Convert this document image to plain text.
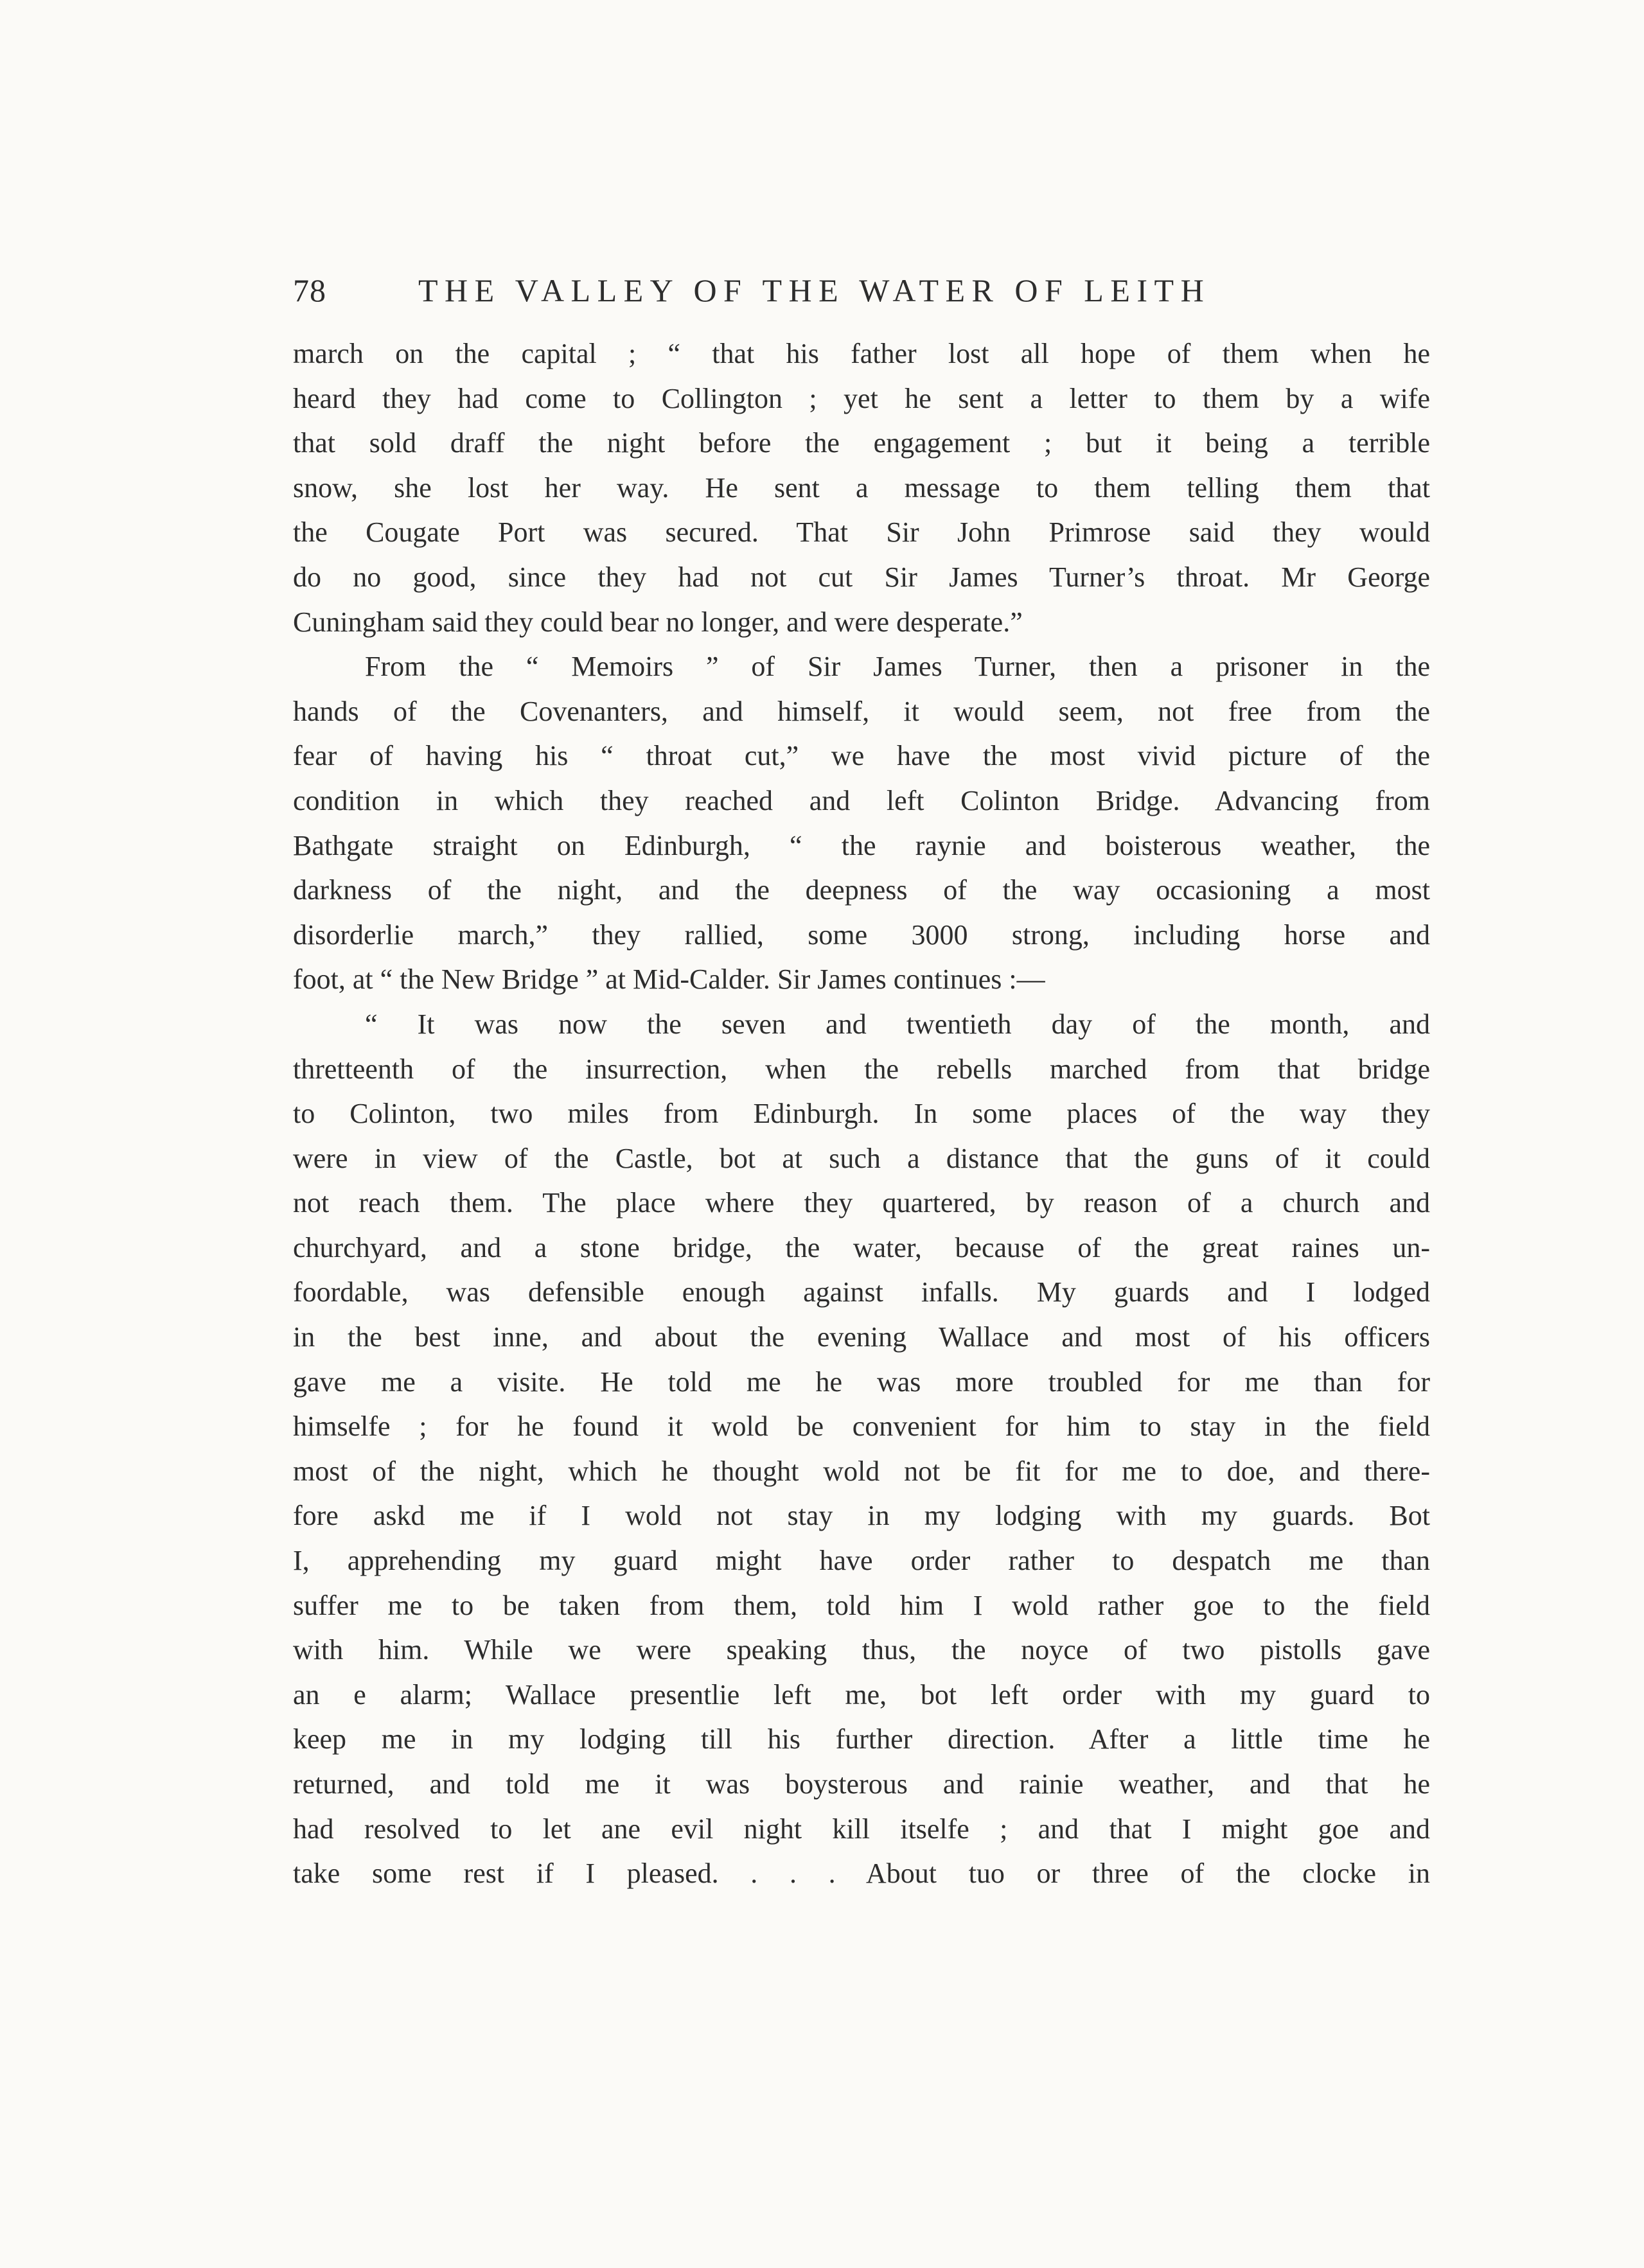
78	THE VALLEY OF THE WATER OF LEITH
march on the capital ; “ that his father lost all hope of them when he
heard they had come to Collington ; yet he sent a letter to them by a wife
that sold draff the night before the engagement ; but it being a terrible
snow, she lost her way. He sent a message to them telling them that
the Cougate Port was secured. That Sir John Primrose said they would
do no good, since they had not cut Sir James Turner’s throat. Mr George
Cuningham said they could bear no longer, and were desperate.”
From the “ Memoirs ” of Sir James Turner, then a prisoner in the
hands of the Covenanters, and himself, it would seem, not free from the
fear of having his “ throat cut,” we have the most vivid picture of the
condition in which they reached and left Colinton Bridge. Advancing from
Bathgate straight on Edinburgh, “ the raynie and boisterous weather, the
darkness of the night, and the deepness of the way occasioning a most
disorderlie march,” they rallied, some 3000 strong, including horse and
foot, at “ the New Bridge ” at Mid-Calder. Sir James continues :—
“ It was now the seven and twentieth day of the month, and
thretteenth of the insurrection, when the rebells marched from that bridge
to Colinton, two miles from Edinburgh. In some places of the way they
were in view of the Castle, bot at such a distance that the guns of it could
not reach them. The place where they quartered, by reason of a church and
churchyard, and a stone bridge, the water, because of the great raines un-
foordable, was defensible enough against infalls. My guards and I lodged
in the best inne, and about the evening Wallace and most of his officers
gave me a visite. He told me he was more troubled for me than for
himselfe ; for he found it wold be convenient for him to stay in the field
most of the night, which he thought wold not be fit for me to doe, and there-
fore askd me if I wold not stay in my lodging with my guards. Bot
I, apprehending my guard might have order rather to despatch me than
suffer me to be taken from them, told him I wold rather goe to the field
with him. While we were speaking thus, the noyce of two pistolls gave
an e alarm; Wallace presentlie left me, bot left order with my guard to
keep me in my lodging till his further direction. After a little time he
returned, and told me it was boysterous and rainie weather, and that he
had resolved to let ane evil night kill itselfe ; and that I might goe and
take some rest if I pleased. . . . About tuo or three of the clocke in
